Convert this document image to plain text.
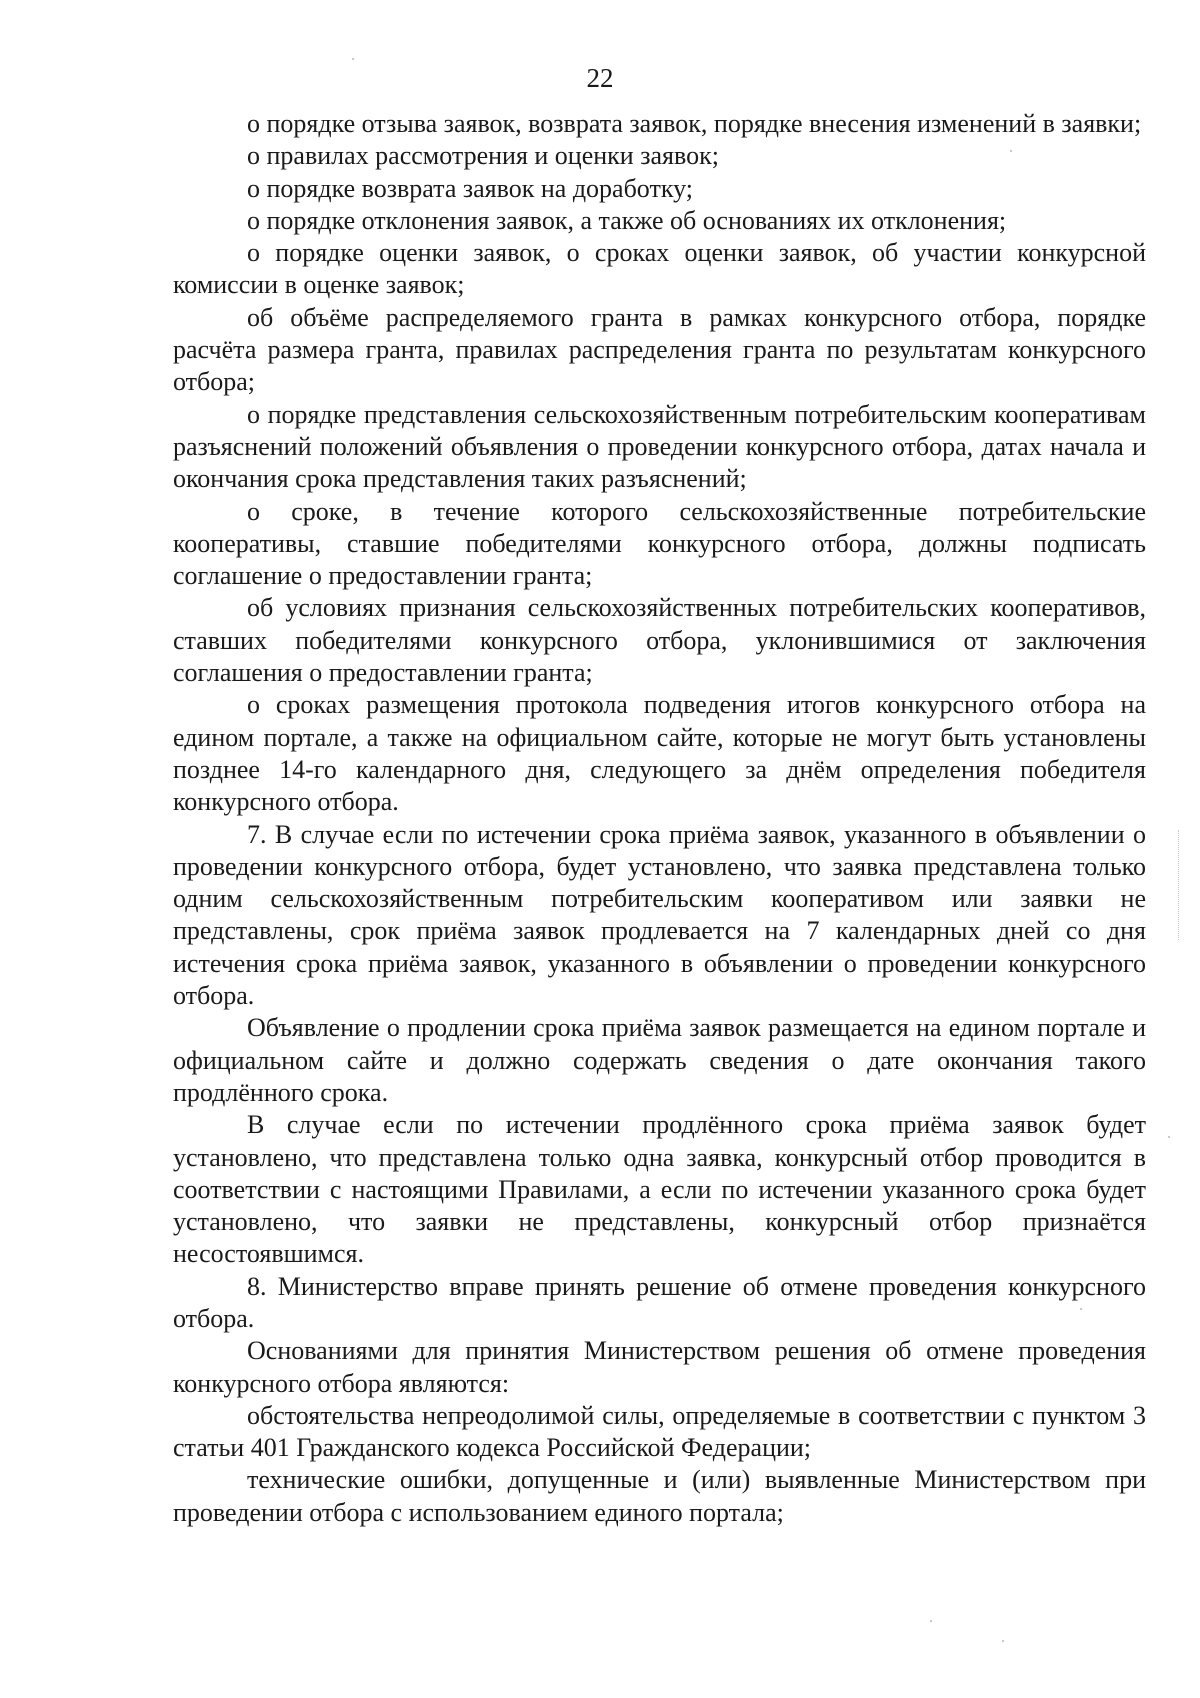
22

о порядке отзыва заявок, возврата заявок, порядке внесения изменений в заявки;

о правилах рассмотрения и оценки заявок;

о порядке возврата заявок на доработку;

о порядке отклонения заявок, а также об основаниях их отклонения;

о порядке оценки заявок, о сроках оценки заявок, об участии конкурсной комиссии в оценке заявок;

об объёме распределяемого гранта в рамках конкурсного отбора, порядке расчёта размера гранта, правилах распределения гранта по результатам конкурсного отбора;

о порядке представления сельскохозяйственным потребительским кооперативам разъяснений положений объявления о проведении конкурсного отбора, датах начала и окончания срока представления таких разъяснений;

о сроке, в течение которого сельскохозяйственные потребительские кооперативы, ставшие победителями конкурсного отбора, должны подписать соглашение о предоставлении гранта;

об условиях признания сельскохозяйственных потребительских кооперативов, ставших победителями конкурсного отбора, уклонившимися от заключения соглашения о предоставлении гранта;

о сроках размещения протокола подведения итогов конкурсного отбора на едином портале, а также на официальном сайте, которые не могут быть установлены позднее 14-го календарного дня, следующего за днём определения победителя конкурсного отбора.

7. В случае если по истечении срока приёма заявок, указанного в объявлении о проведении конкурсного отбора, будет установлено, что заявка представлена только одним сельскохозяйственным потребительским кооперативом или заявки не представлены, срок приёма заявок продлевается на 7 календарных дней со дня истечения срока приёма заявок, указанного в объявлении о проведении конкурсного отбора.

Объявление о продлении срока приёма заявок размещается на едином портале и официальном сайте и должно содержать сведения о дате окончания такого продлённого срока.

В случае если по истечении продлённого срока приёма заявок будет установлено, что представлена только одна заявка, конкурсный отбор проводится в соответствии с настоящими Правилами, а если по истечении указанного срока будет установлено, что заявки не представлены, конкурсный отбор признаётся несостоявшимся.

8. Министерство вправе принять решение об отмене проведения конкурсного отбора.

Основаниями для принятия Министерством решения об отмене проведения конкурсного отбора являются:

обстоятельства непреодолимой силы, определяемые в соответствии с пунктом 3 статьи 401 Гражданского кодекса Российской Федерации;

технические ошибки, допущенные и (или) выявленные Министерством при проведении отбора с использованием единого портала;
